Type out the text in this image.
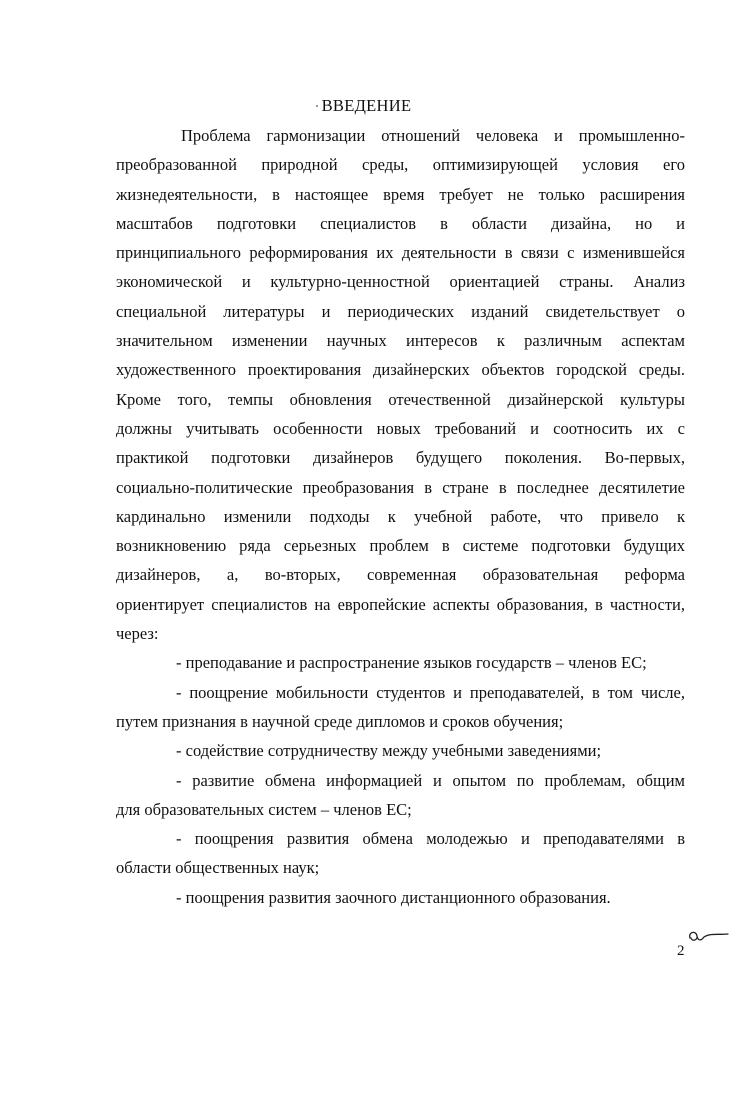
ВВЕДЕНИЕ
Проблема гармонизации отношений человека и промышленно-
преобразованной природной среды, оптимизирующей условия его
жизнедеятельности, в настоящее время требует не только расширения
масштабов подготовки специалистов в области дизайна, но и
принципиального реформирования их деятельности в связи с изменившейся
экономической и культурно-ценностной ориентацией страны. Анализ
специальной литературы и периодических изданий свидетельствует о
значительном изменении научных интересов к различным аспектам
художественного проектирования дизайнерских объектов городской среды.
Кроме того, темпы обновления отечественной дизайнерской культуры
должны учитывать особенности новых требований и соотносить их с
практикой подготовки дизайнеров будущего поколения. Во-первых,
социально-политические преобразования в стране в последнее десятилетие
кардинально изменили подходы к учебной работе, что привело к
возникновению ряда серьезных проблем в системе подготовки будущих
дизайнеров, а, во-вторых, современная образовательная реформа
ориентирует специалистов на европейские аспекты образования, в частности,
через:
- преподавание и распространение языков государств – членов ЕС;
- поощрение мобильности студентов и преподавателей, в том числе,
путем признания в научной среде дипломов и сроков обучения;
- содействие сотрудничеству между учебными заведениями;
- развитие обмена информацией и опытом по проблемам, общим
для образовательных систем – членов ЕС;
- поощрения развития обмена молодежью и преподавателями в
области общественных наук;
- поощрения развития заочного дистанционного образования.
2
